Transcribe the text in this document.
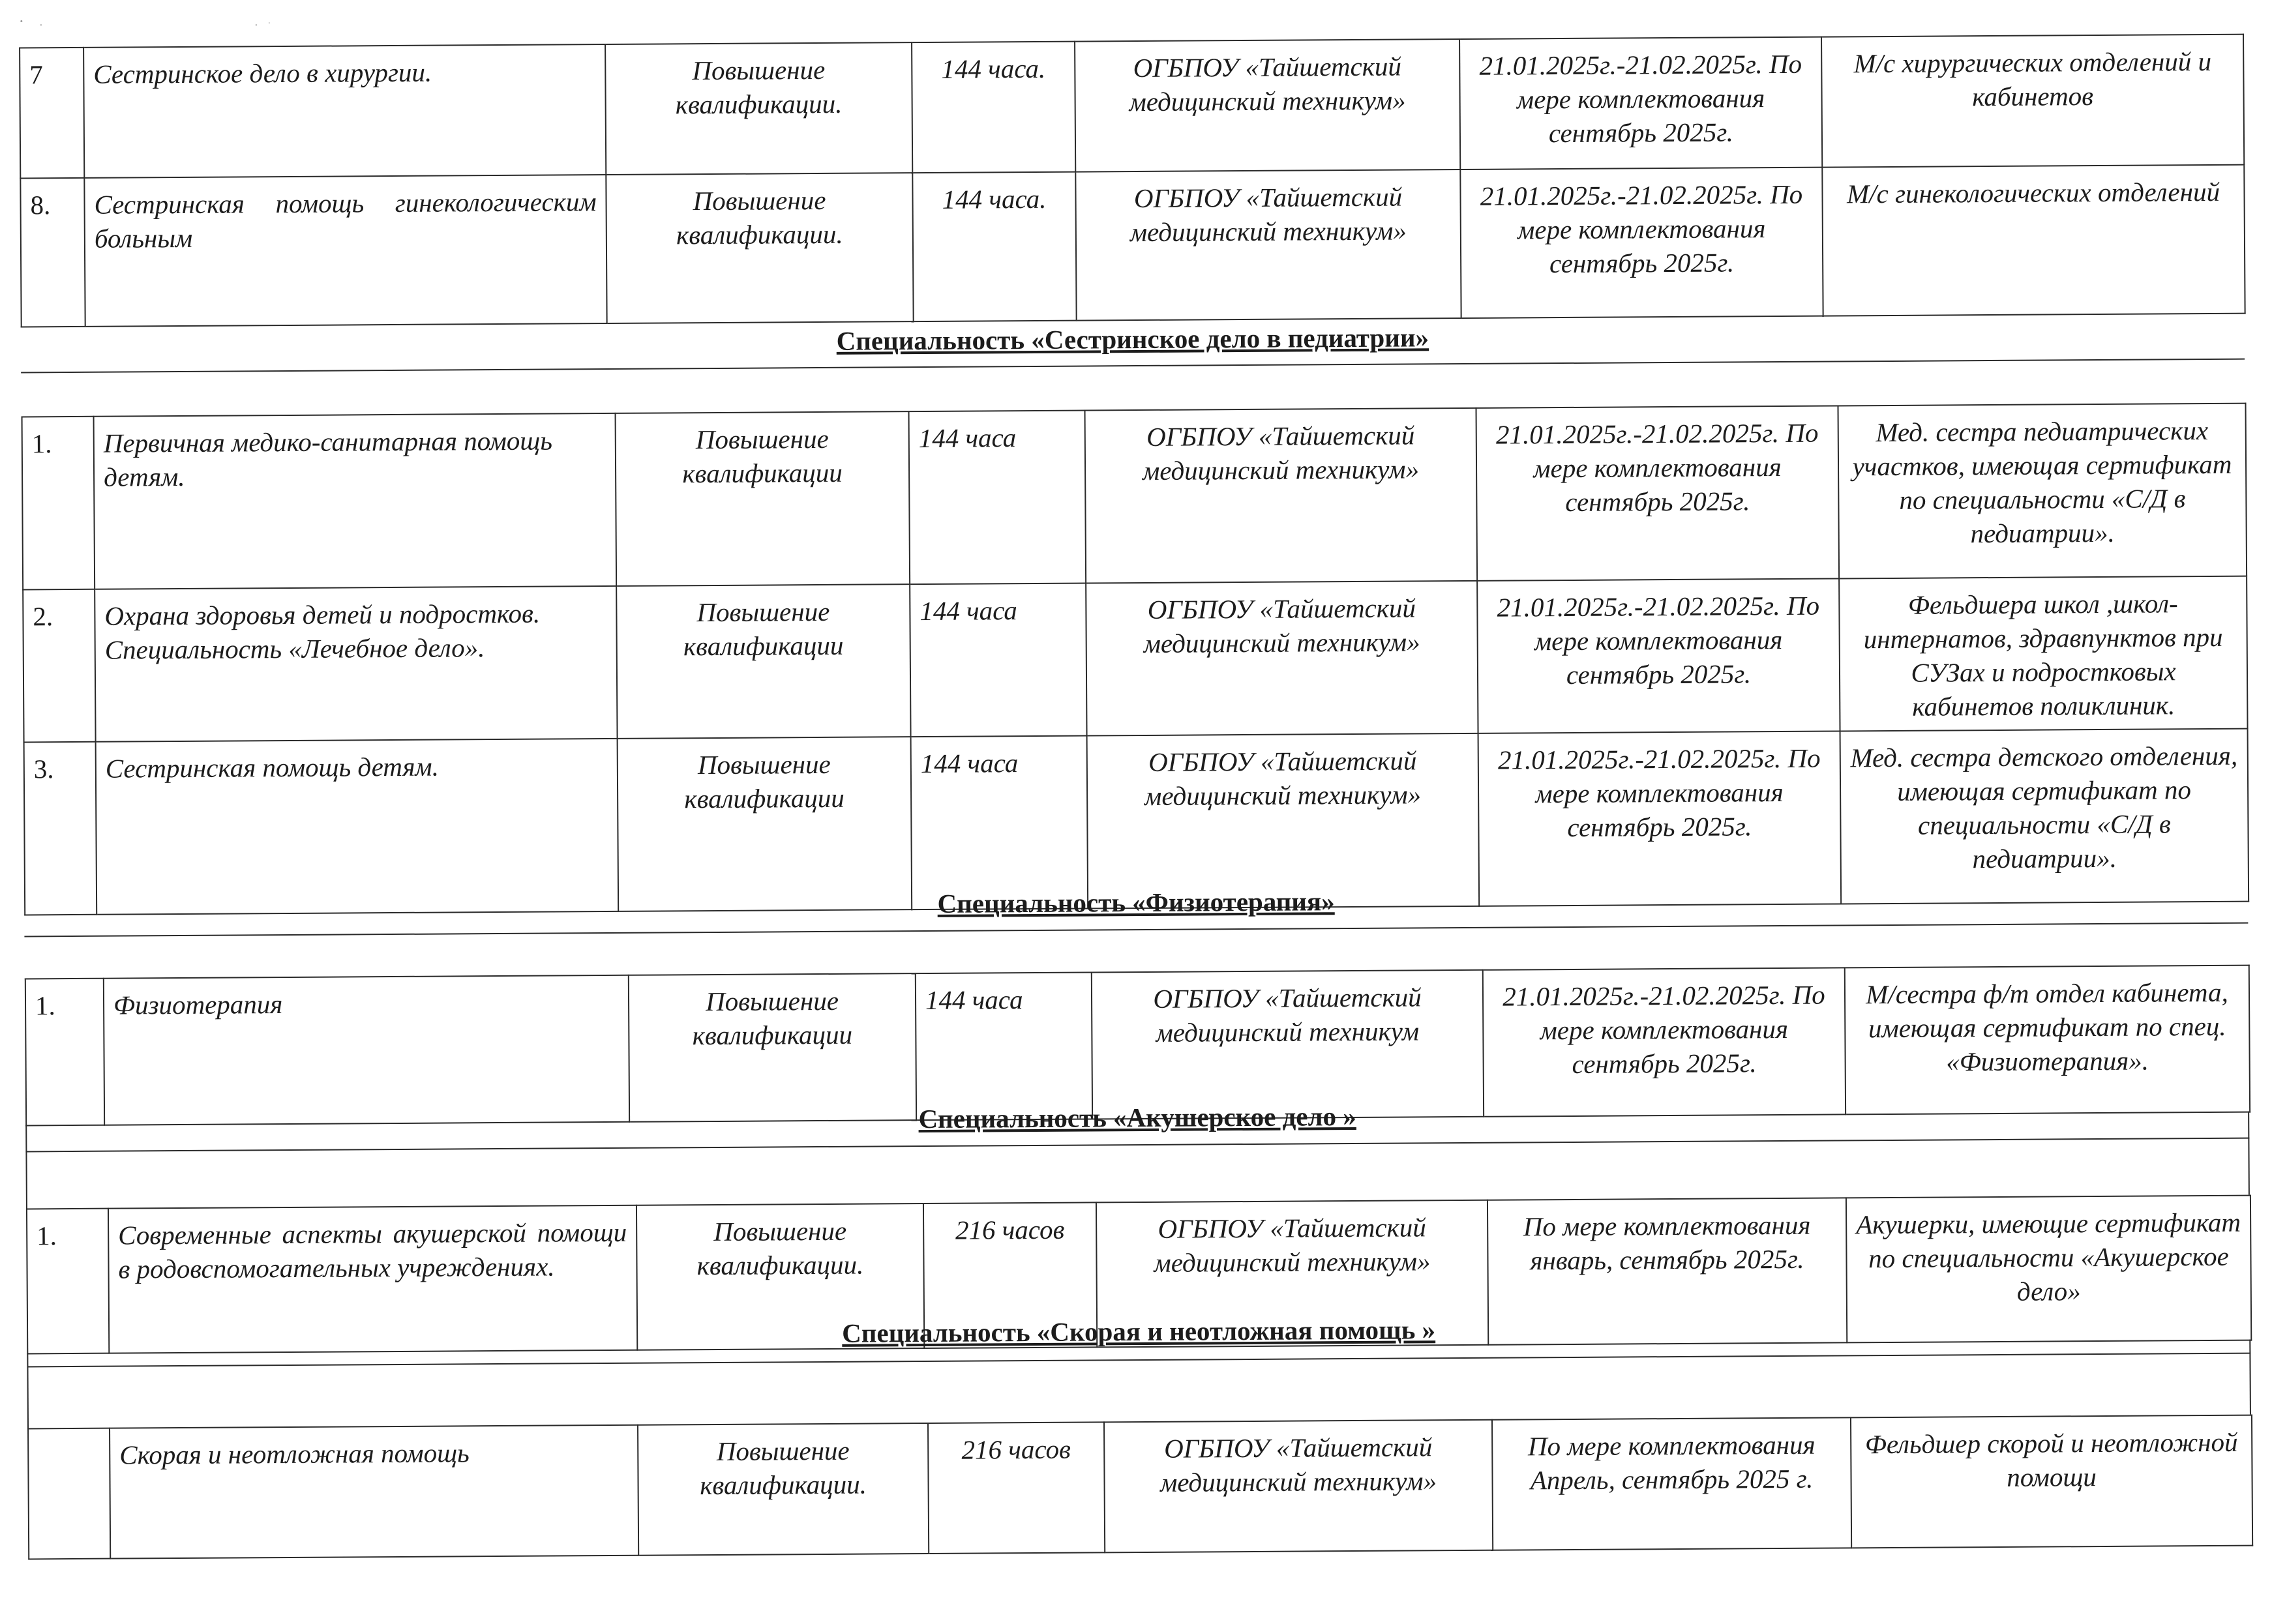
7	Сестринское дело в хирургии.	Повышение квалификации.	144 часа.	ОГБПОУ «Тайшетский медицинский техникум»	21.01.2025г.-21.02.2025г. По мере комплектования сентябрь 2025г.	М/с хирургических отделений и кабинетов
8.	Сестринская помощь гинекологическим больным	Повышение квалификации.	144 часа.	ОГБПОУ «Тайшетский медицинский техникум»	21.01.2025г.-21.02.2025г. По мере комплектования сентябрь 2025г.	М/с гинекологических отделений
Специальность «Сестринское дело в педиатрии»
1.	Первичная медико-санитарная помощь детям.	Повышение квалификации	144 часа	ОГБПОУ «Тайшетский медицинский техникум»	21.01.2025г.-21.02.2025г. По мере комплектования сентябрь 2025г.	Мед. сестра педиатрических участков, имеющая сертификат по специальности «С/Д в педиатрии».
2.	Охрана здоровья детей и подростков. Специальность «Лечебное дело».	Повышение квалификации	144 часа	ОГБПОУ «Тайшетский медицинский техникум»	21.01.2025г.-21.02.2025г. По мере комплектования сентябрь 2025г.	Фельдшера школ ,школ-интернатов, здравпунктов при СУЗах и подростковых кабинетов поликлиник.
3.	Сестринская помощь детям.	Повышение квалификации	144 часа	ОГБПОУ «Тайшетский медицинский техникум»	21.01.2025г.-21.02.2025г. По мере комплектования сентябрь 2025г.	Мед. сестра детского отделения, имеющая сертификат по специальности «С/Д в педиатрии».
Специальность «Физиотерапия»
1.	Физиотерапия	Повышение квалификации	144 часа	ОГБПОУ «Тайшетский медицинский техникум	21.01.2025г.-21.02.2025г. По мере комплектования сентябрь 2025г.	М/сестра ф/т отдел кабинета, имеющая сертификат по спец. «Физиотерапия».
Специальность «Акушерское дело »
1.	Современные аспекты акушерской помощи в родовспомогательных учреждениях.	Повышение квалификации.	216 часов	ОГБПОУ «Тайшетский медицинский техникум»	По мере комплектования январь, сентябрь 2025г.	Акушерки, имеющие сертификат по специальности «Акушерское дело»
Специальность «Скорая и неотложная помощь »
	Скорая и неотложная помощь	Повышение квалификации.	216 часов	ОГБПОУ «Тайшетский медицинский техникум»	По мере комплектования Апрель, сентябрь 2025 г.	Фельдшер скорой и неотложной помощи
